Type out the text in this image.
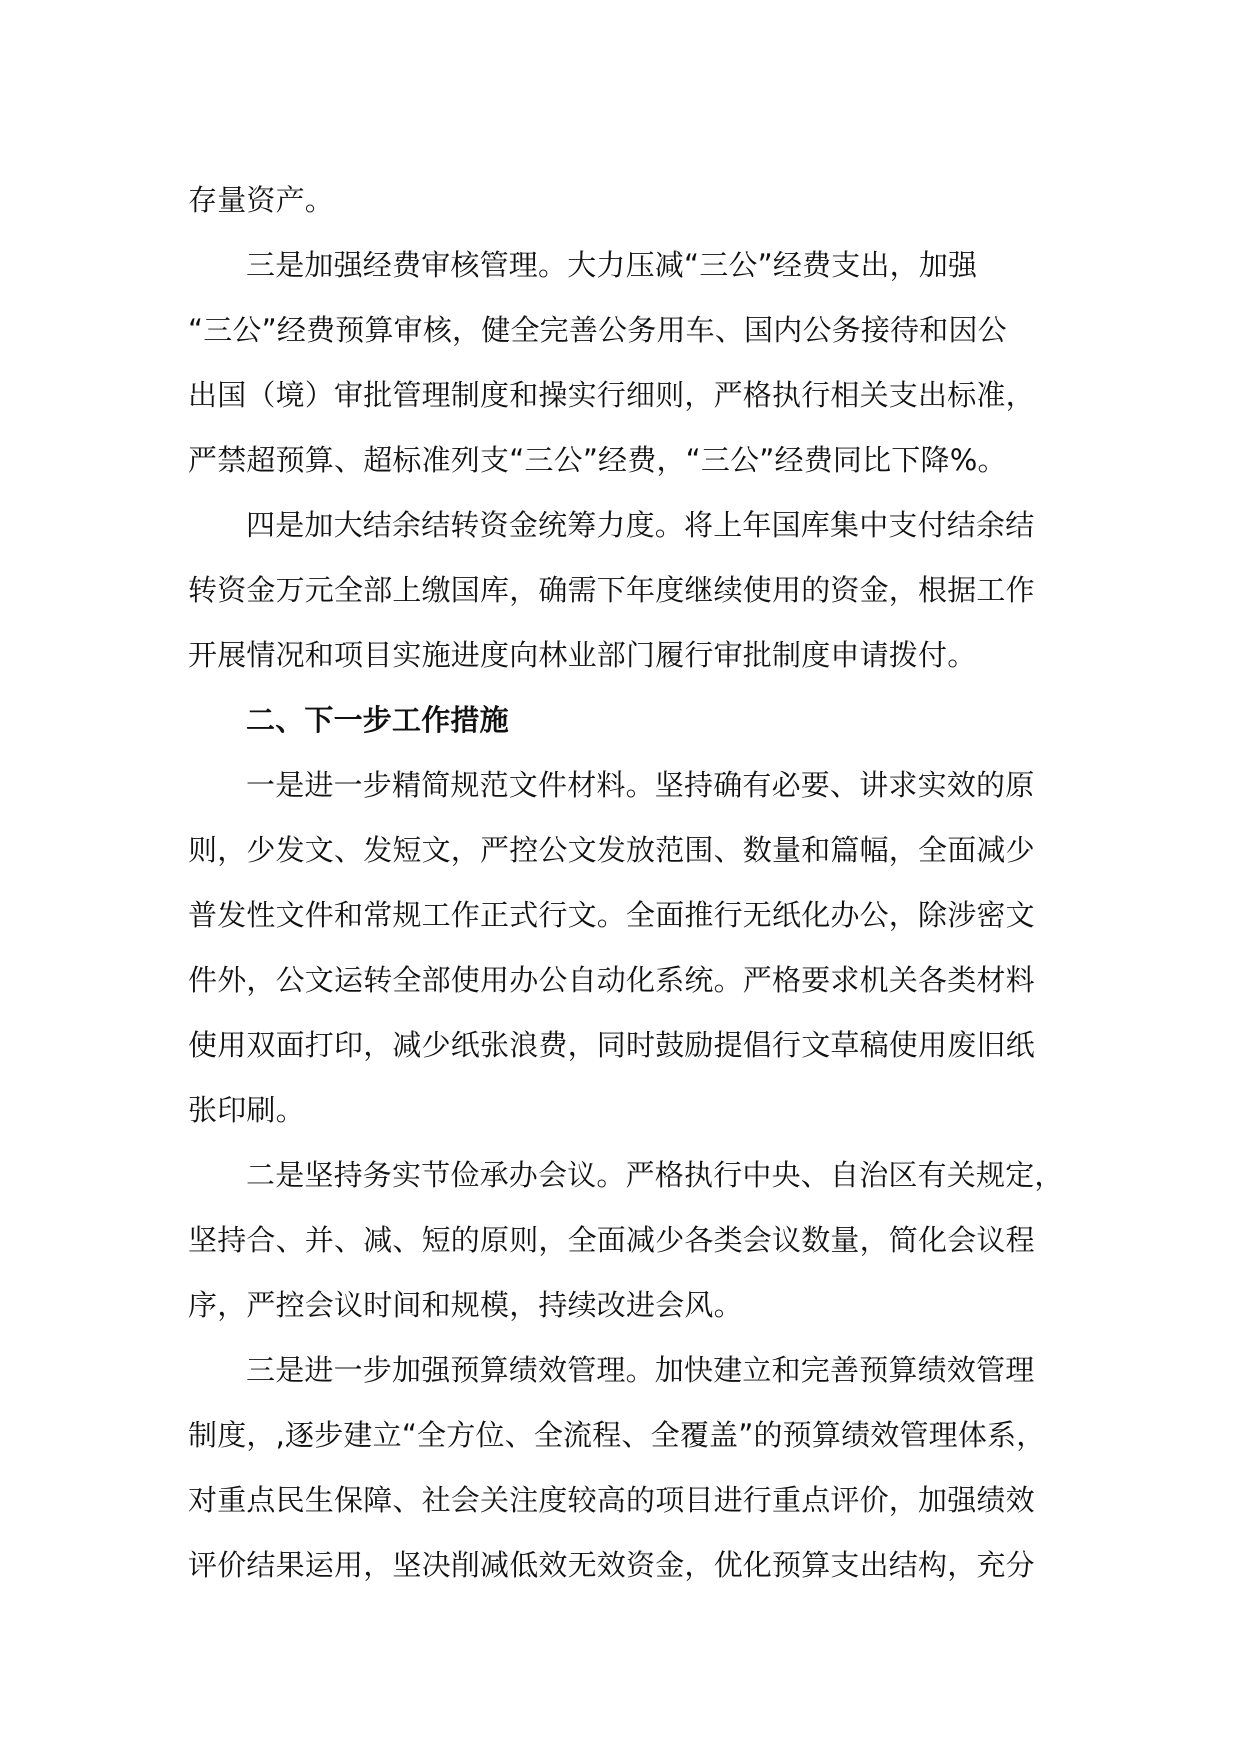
存量资产。
三是加强经费审核管理。大力压减“三公”经费支出，加强
“三公”经费预算审核，健全完善公务用车、国内公务接待和因公
出国（境）审批管理制度和操实行细则，严格执行相关支出标准，
严禁超预算、超标准列支“三公”经费，“三公”经费同比下降%。
四是加大结余结转资金统筹力度。将上年国库集中支付结余结
转资金万元全部上缴国库，确需下年度继续使用的资金，根据工作
开展情况和项目实施进度向林业部门履行审批制度申请拨付。
二、下一步工作措施
一是进一步精简规范文件材料。坚持确有必要、讲求实效的原
则，少发文、发短文，严控公文发放范围、数量和篇幅，全面减少
普发性文件和常规工作正式行文。全面推行无纸化办公，除涉密文
件外，公文运转全部使用办公自动化系统。严格要求机关各类材料
使用双面打印，减少纸张浪费，同时鼓励提倡行文草稿使用废旧纸
张印刷。
二是坚持务实节俭承办会议。严格执行中央、自治区有关规定，
坚持合、并、减、短的原则，全面减少各类会议数量，简化会议程
序，严控会议时间和规模，持续改进会风。
三是进一步加强预算绩效管理。加快建立和完善预算绩效管理
制度，,逐步建立“全方位、全流程、全覆盖”的预算绩效管理体系，
对重点民生保障、社会关注度较高的项目进行重点评价，加强绩效
评价结果运用，坚决削减低效无效资金，优化预算支出结构，充分
